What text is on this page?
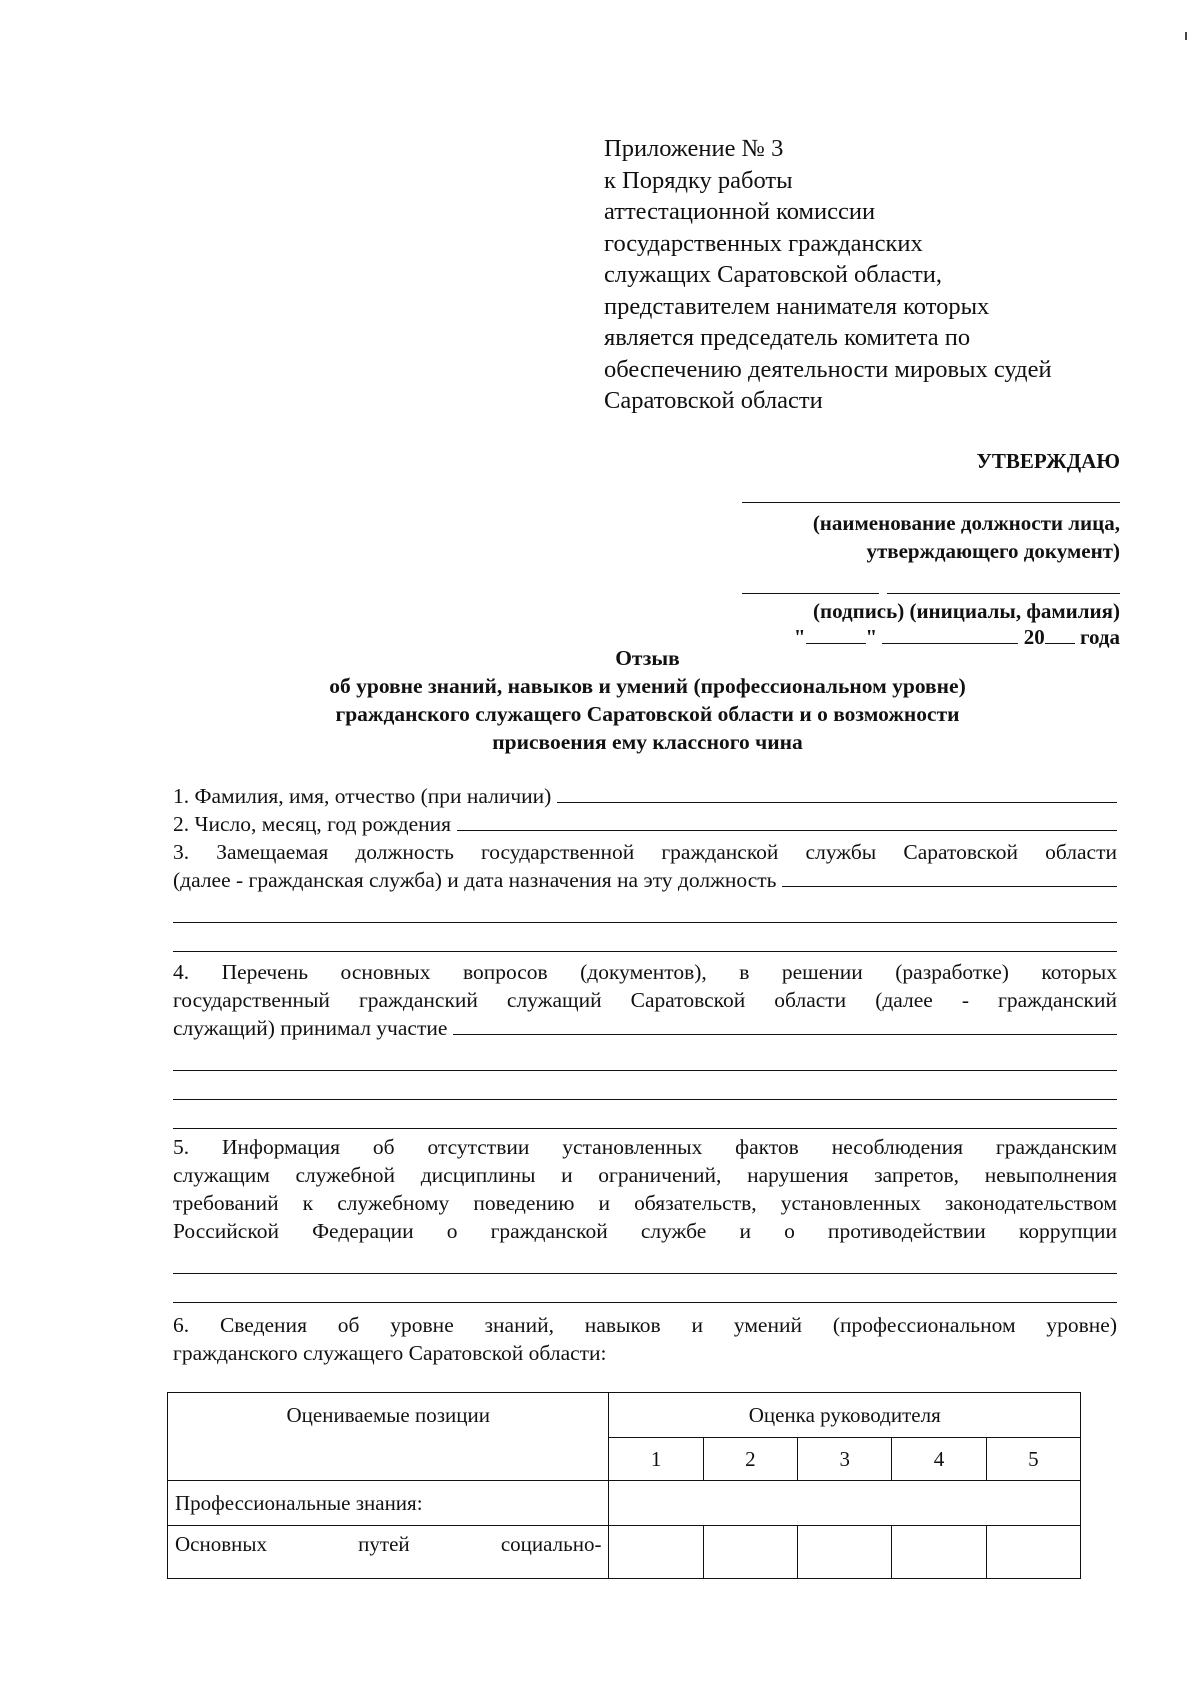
Приложение № 3
к Порядку работы
аттестационной комиссии
государственных гражданских
служащих Саратовской области,
представителем нанимателя которых
является председатель комитета по
обеспечению деятельности мировых судей
Саратовской области
УТВЕРЖДАЮ
(наименование должности лица,
утверждающего документ)
(подпись) (инициалы, фамилия)
"	"	20 года
Отзыв
об уровне знаний, навыков и умений (профессиональном уровне)
гражданского служащего Саратовской области и о возможности
присвоения ему классного чина
1. Фамилия, имя, отчество (при наличии)
2. Число, месяц, год рождения
3. Замещаемая должность государственной гражданской службы Саратовской области
(далее - гражданская служба) и дата назначения на эту должность
4. Перечень основных вопросов (документов), в решении (разработке) которых
государственный гражданский служащий Саратовской области (далее - гражданский
служащий) принимал участие
5. Информация об отсутствии установленных фактов несоблюдения гражданским
служащим служебной дисциплины и ограничений, нарушения запретов, невыполнения
требований к служебному поведению и обязательств, установленных законодательством
Российской Федерации о гражданской службе и о противодействии коррупции
6. Сведения об уровне знаний, навыков и умений (профессиональном уровне)
гражданского служащего Саратовской области:
Оцениваемые позиции	Оценка руководителя				
	1	2	3	4	5
Профессиональные знания:					
Основных путей социально-					
